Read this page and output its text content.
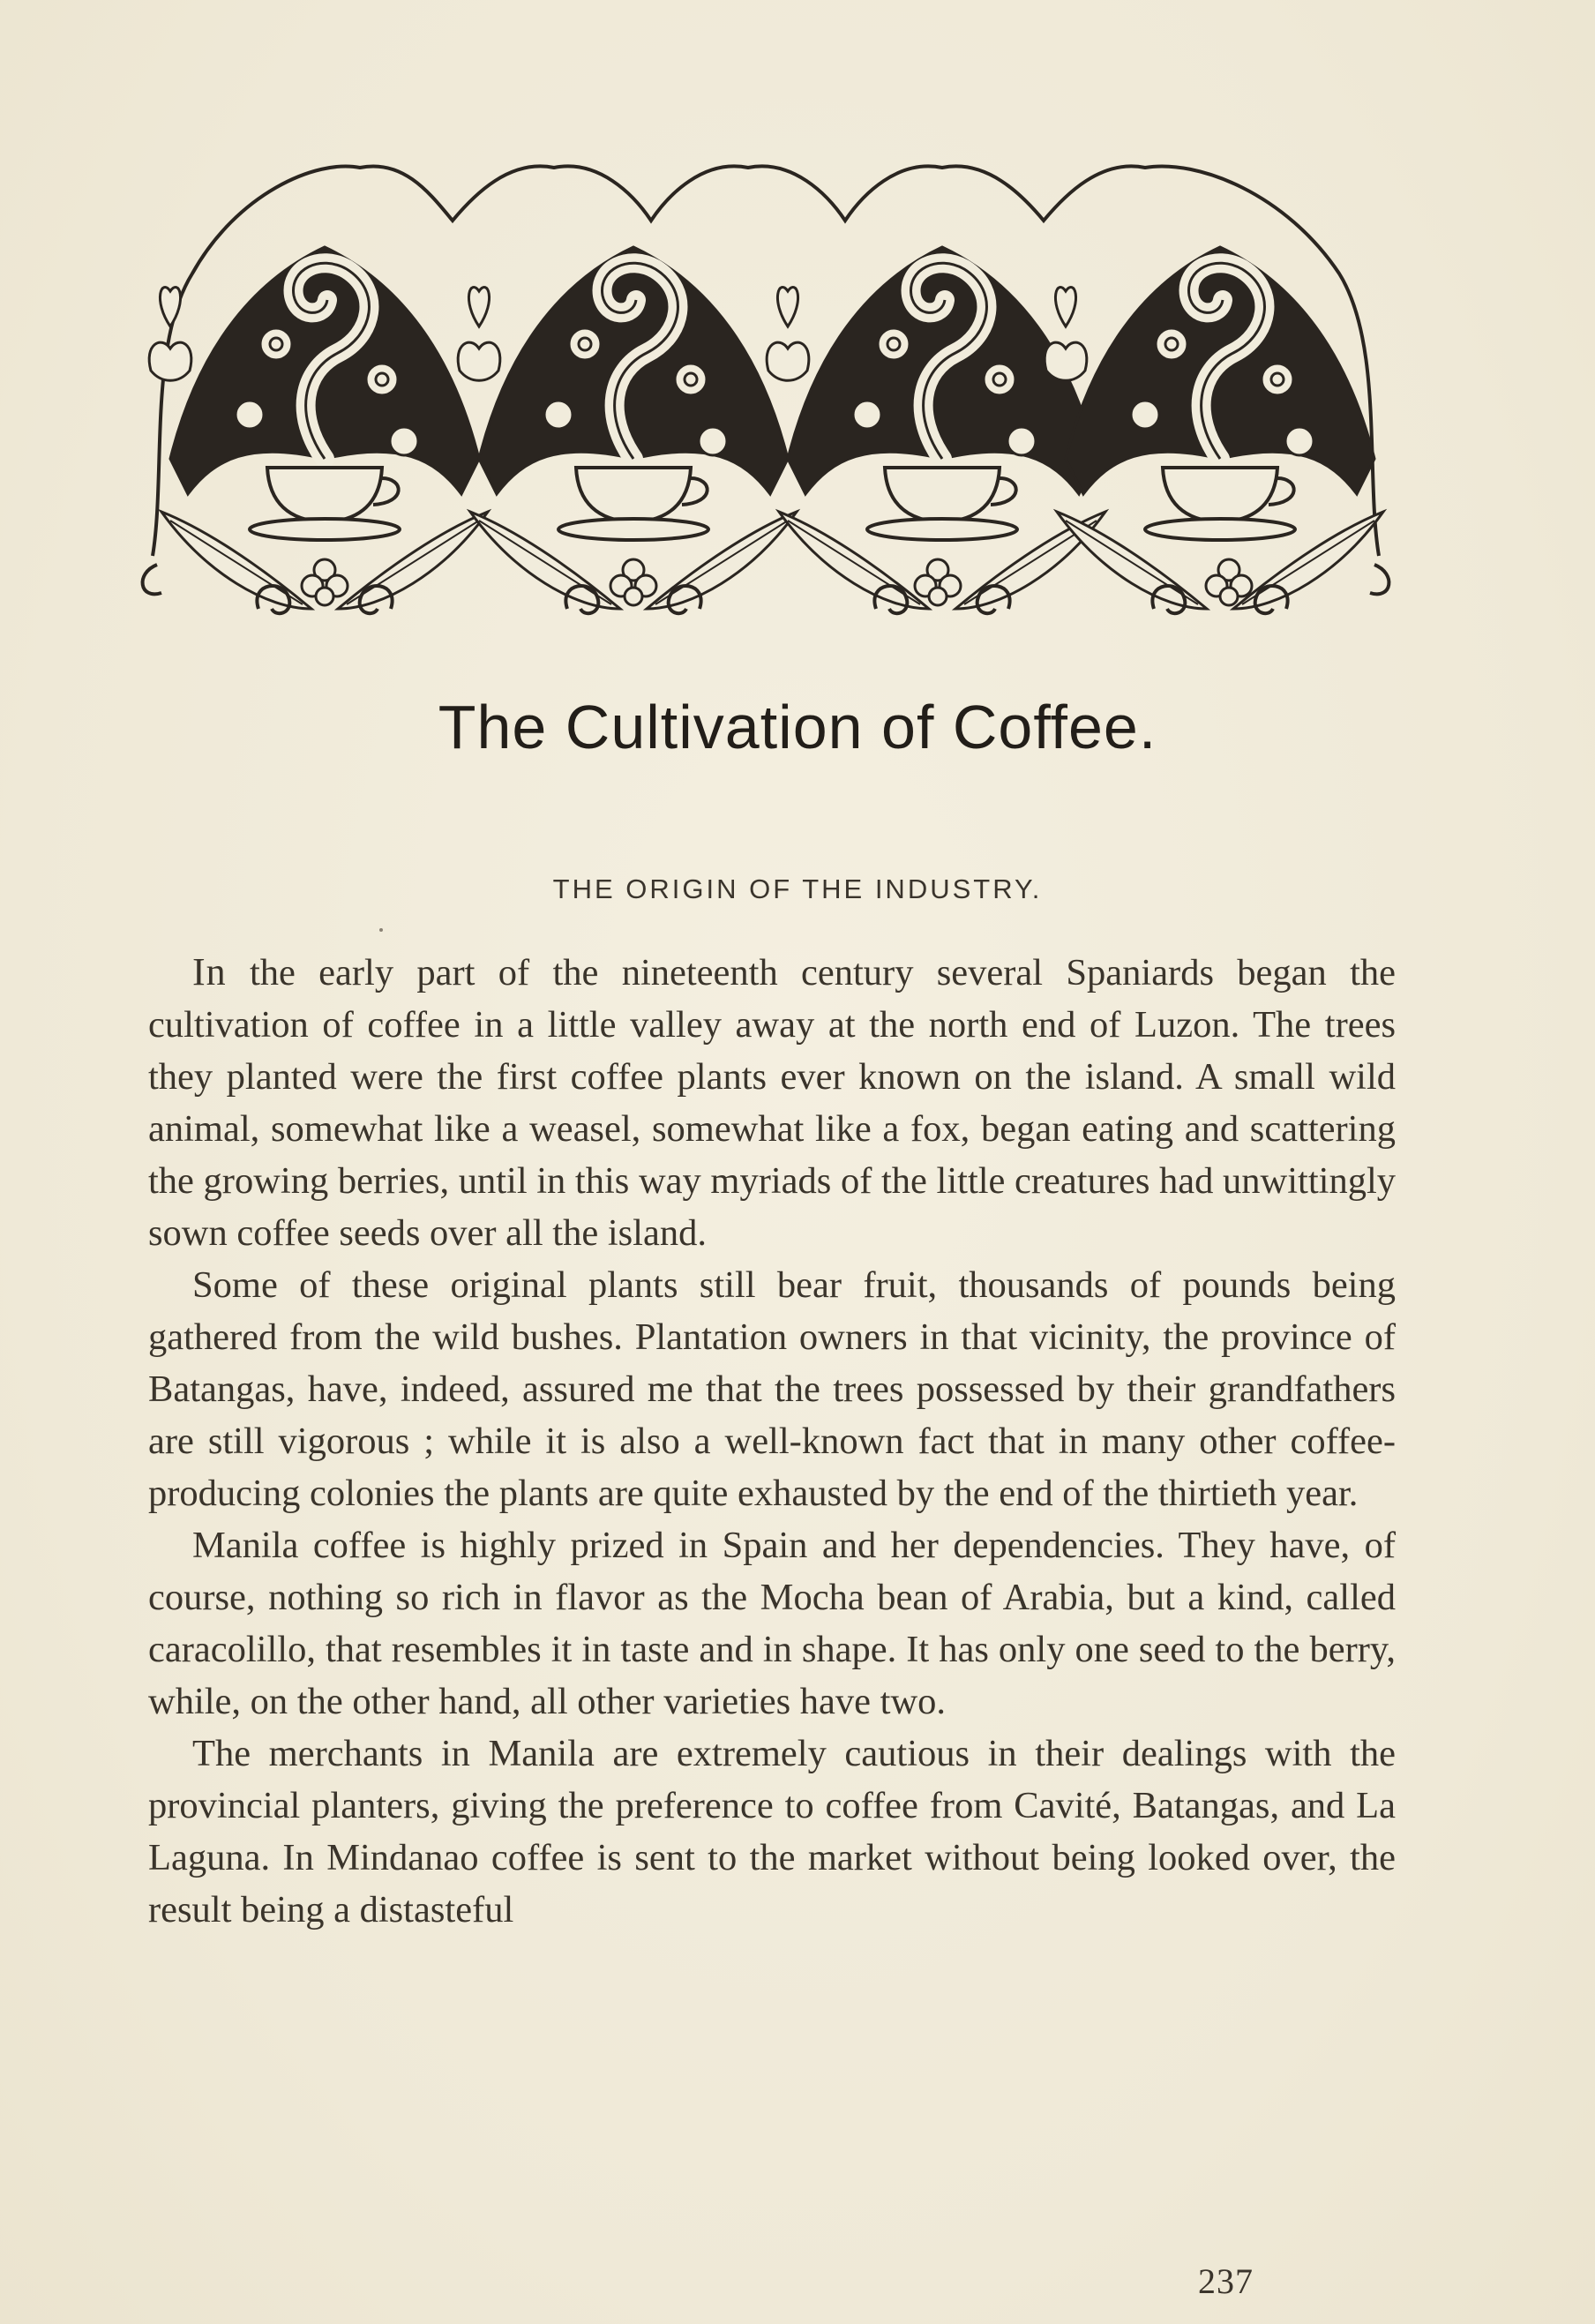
The Cultivation of Coffee.
THE ORIGIN OF THE INDUSTRY.

In the early part of the nineteenth century several Spaniards began the cultivation of coffee in a little valley away at the north end of Luzon. The trees they planted were the first coffee plants ever known on the island. A small wild animal, somewhat like a weasel, somewhat like a fox, began eating and scattering the growing berries, until in this way myriads of the little creatures had unwittingly sown coffee seeds over all the island.

Some of these original plants still bear fruit, thousands of pounds being gathered from the wild bushes. Plantation owners in that vicinity, the province of Batangas, have, indeed, assured me that the trees possessed by their grandfathers are still vigorous ; while it is also a well-known fact that in many other coffee-producing colonies the plants are quite exhausted by the end of the thirtieth year.

Manila coffee is highly prized in Spain and her dependencies. They have, of course, nothing so rich in flavor as the Mocha bean of Arabia, but a kind, called caracolillo, that resembles it in taste and in shape. It has only one seed to the berry, while, on the other hand, all other varieties have two.

The merchants in Manila are extremely cautious in their dealings with the provincial planters, giving the preference to coffee from Cavité, Batangas, and La Laguna. In Mindanao coffee is sent to the market without being looked over, the result being a distasteful

237
